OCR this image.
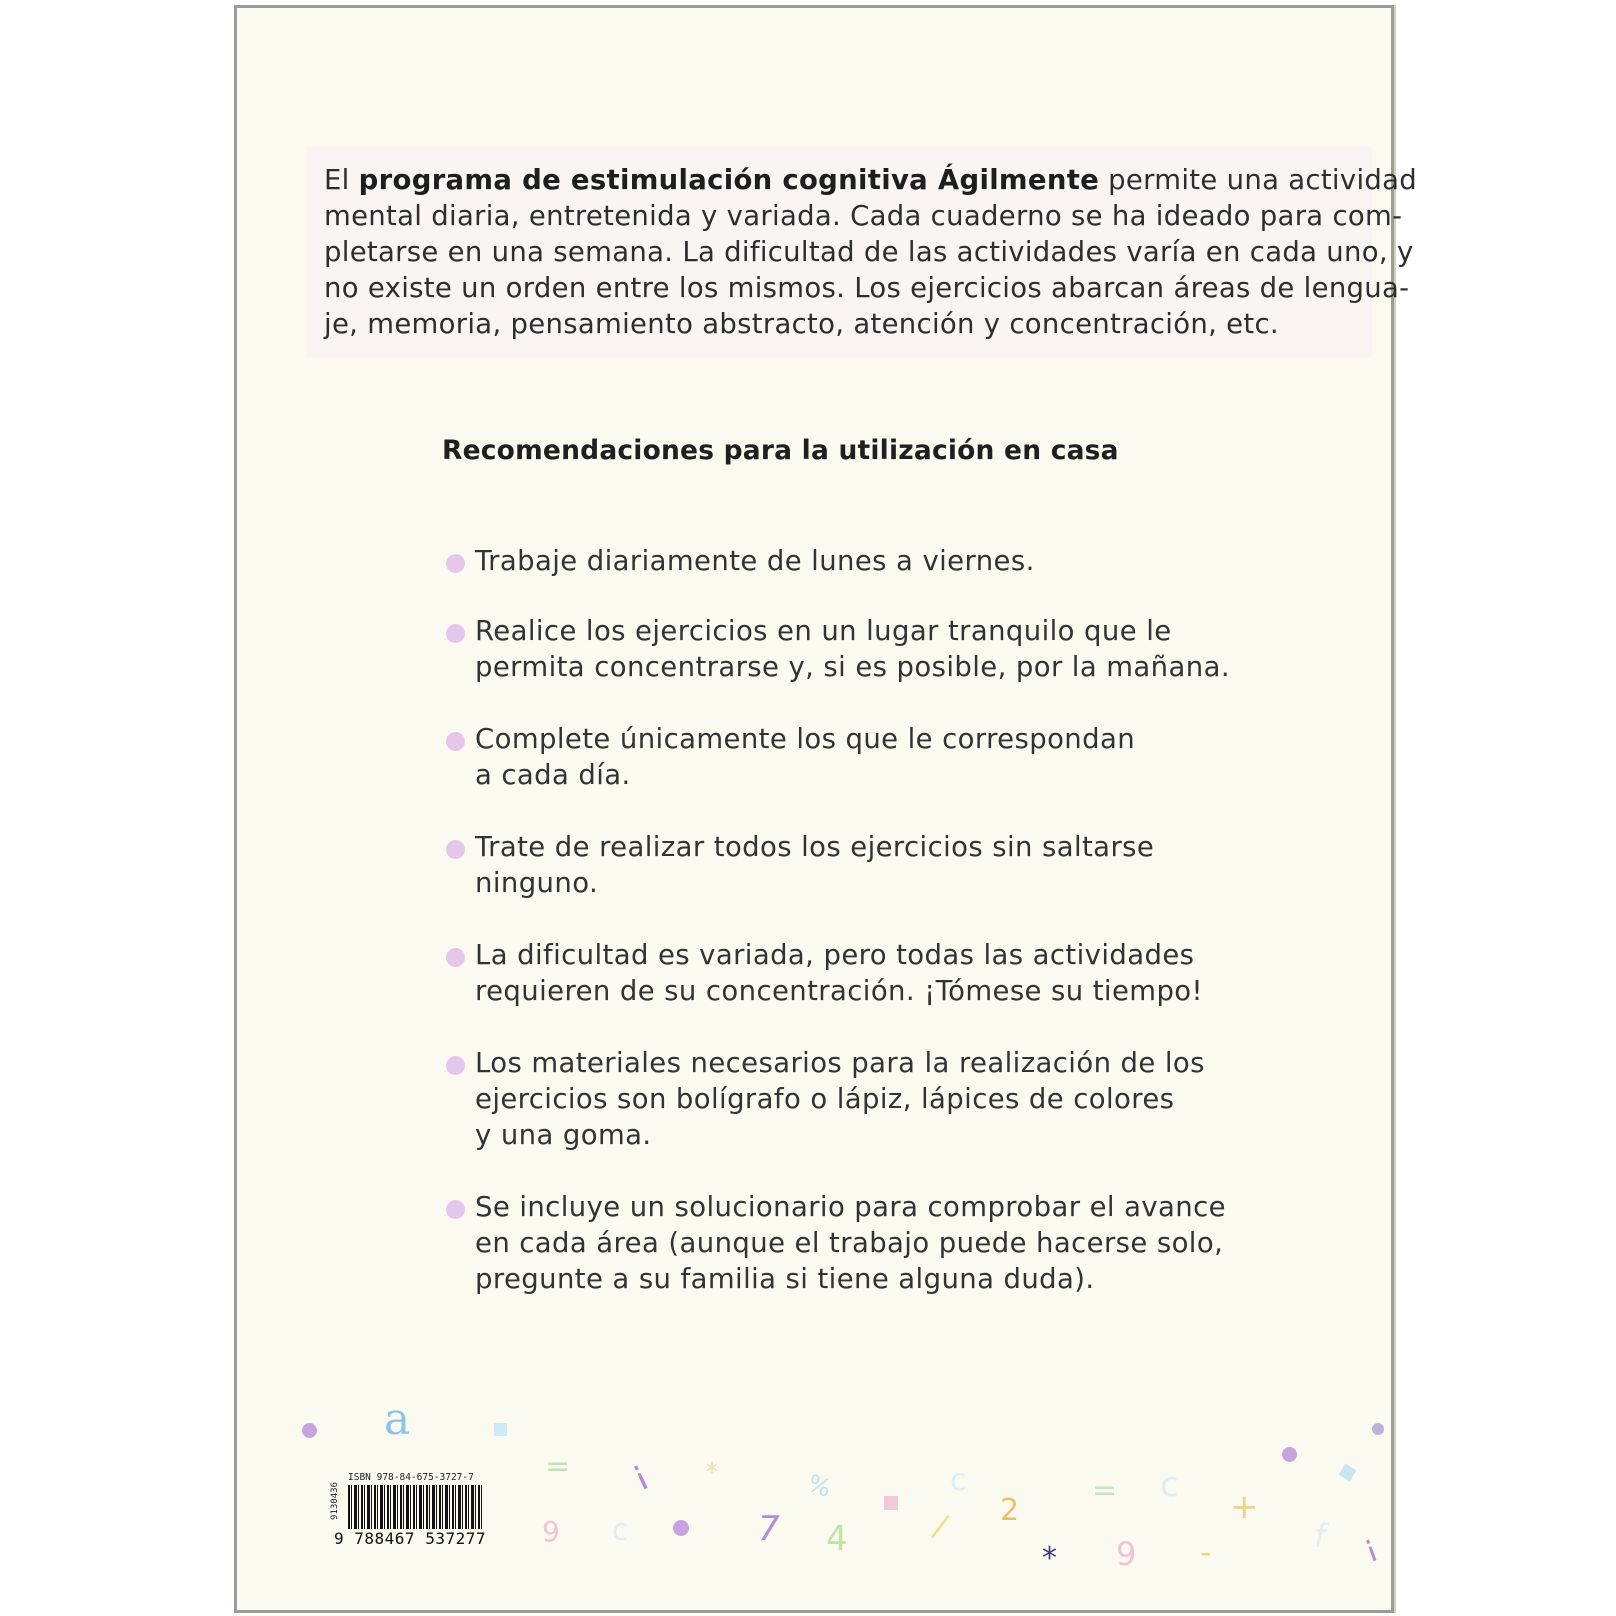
El programa de estimulación cognitiva Ágilmente permite una actividad
mental diaria, entretenida y variada. Cada cuaderno se ha ideado para com-
pletarse en una semana. La dificultad de las actividades varía en cada uno, y
no existe un orden entre los mismos. Los ejercicios abarcan áreas de lengua-
je, memoria, pensamiento abstracto, atención y concentración, etc.
Recomendaciones para la utilización en casa
Trabaje diariamente de lunes a viernes.
Realice los ejercicios en un lugar tranquilo que le
permita concentrarse y, si es posible, por la mañana.
Complete únicamente los que le correspondan
a cada día.
Trate de realizar todos los ejercicios sin saltarse
ninguno.
La dificultad es variada, pero todas las actividades
requieren de su concentración. ¡Tómese su tiempo!
Los materiales necesarios para la realización de los
ejercicios son bolígrafo o lápiz, lápices de colores
y una goma.
Se incluye un solucionario para comprobar el avance
en cada área (aunque el trabajo puede hacerse solo,
pregunte a su familia si tiene alguna duda).
a
= ¡ *	%	c
2
= c
+
f ¡
9 c	7 4	/
* 9 -
ISBN 978-84-675-3727-7
9130436
9 788467 537277
